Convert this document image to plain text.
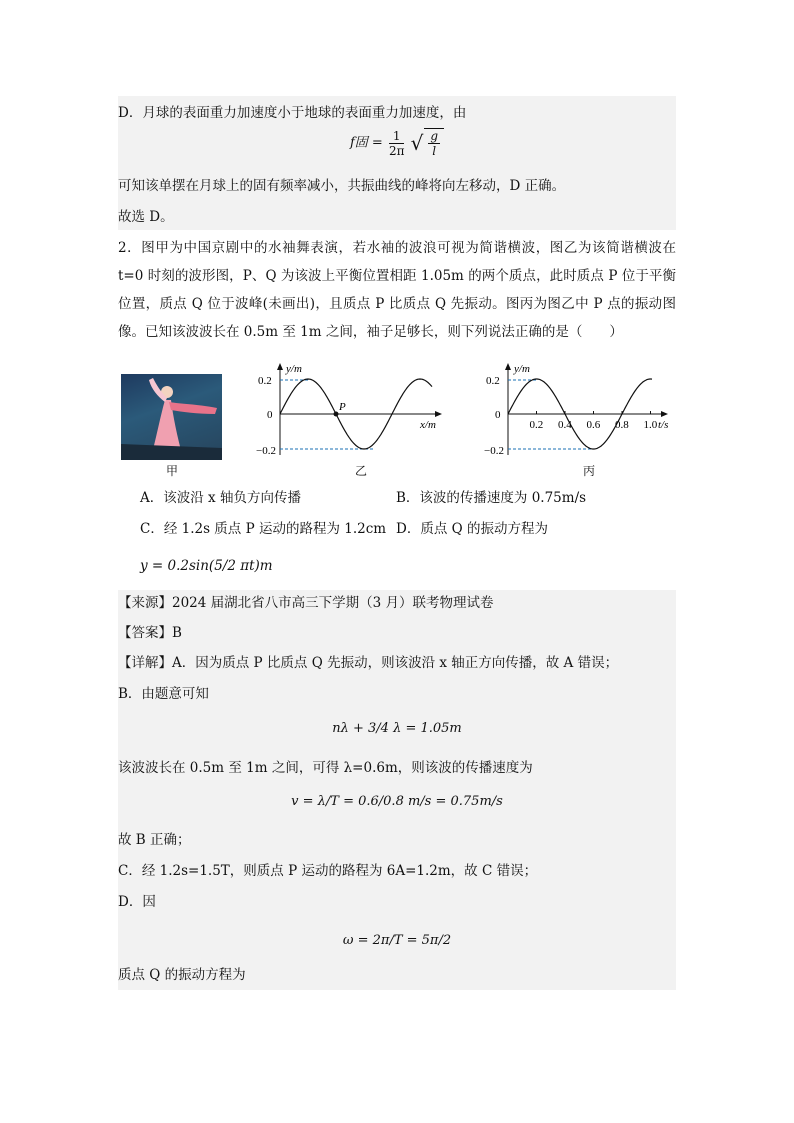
D．月球的表面重力加速度小于地球的表面重力加速度，由
f固 = $\frac{1}{2\pi}$ √ $\frac{g}{l}$
可知该单摆在月球上的固有频率减小，共振曲线的峰将向左移动，D 正确。
故选 D。
2．图甲为中国京剧中的水袖舞表演，若水袖的波浪可视为简谐横波，图乙为该简谐横波在 t=0 时刻的波形图，P、Q 为该波上平衡位置相距 1.05m 的两个质点，此时质点 P 位于平衡位置，质点 Q 位于波峰(未画出)，且质点 P 比质点 Q 先振动。图丙为图乙中 P 点的振动图像。已知该波波长在 0.5m 至 1m 之间，袖子足够长，则下列说法正确的是（　　）
甲
y/m
x/m
0.2
0
−0.2
P
乙
y/m
t/s
0.2
0
−0.2
0.2 0.4 0.6 0.8 1.0
丙
A．该波沿 x 轴负方向传播	B．该波的传播速度为 0.75m/s
C．经 1.2s 质点 P 运动的路程为 1.2cm D．质点 Q 的振动方程为
y = 0.2sin(5/2 πt)m
【来源】2024 届湖北省八市高三下学期（3 月）联考物理试卷
【答案】B
【详解】A．因为质点 P 比质点 Q 先振动，则该波沿 x 轴正方向传播，故 A 错误；
B．由题意可知
nλ + 3/4 λ = 1.05m
该波波长在 0.5m 至 1m 之间，可得 λ=0.6m，则该波的传播速度为
v = λ/T = 0.6/0.8 m/s = 0.75m/s
故 B 正确；
C．经 1.2s=1.5T，则质点 P 运动的路程为 6A=1.2m，故 C 错误；
D．因
ω = 2π/T = 5π/2
质点 Q 的振动方程为
